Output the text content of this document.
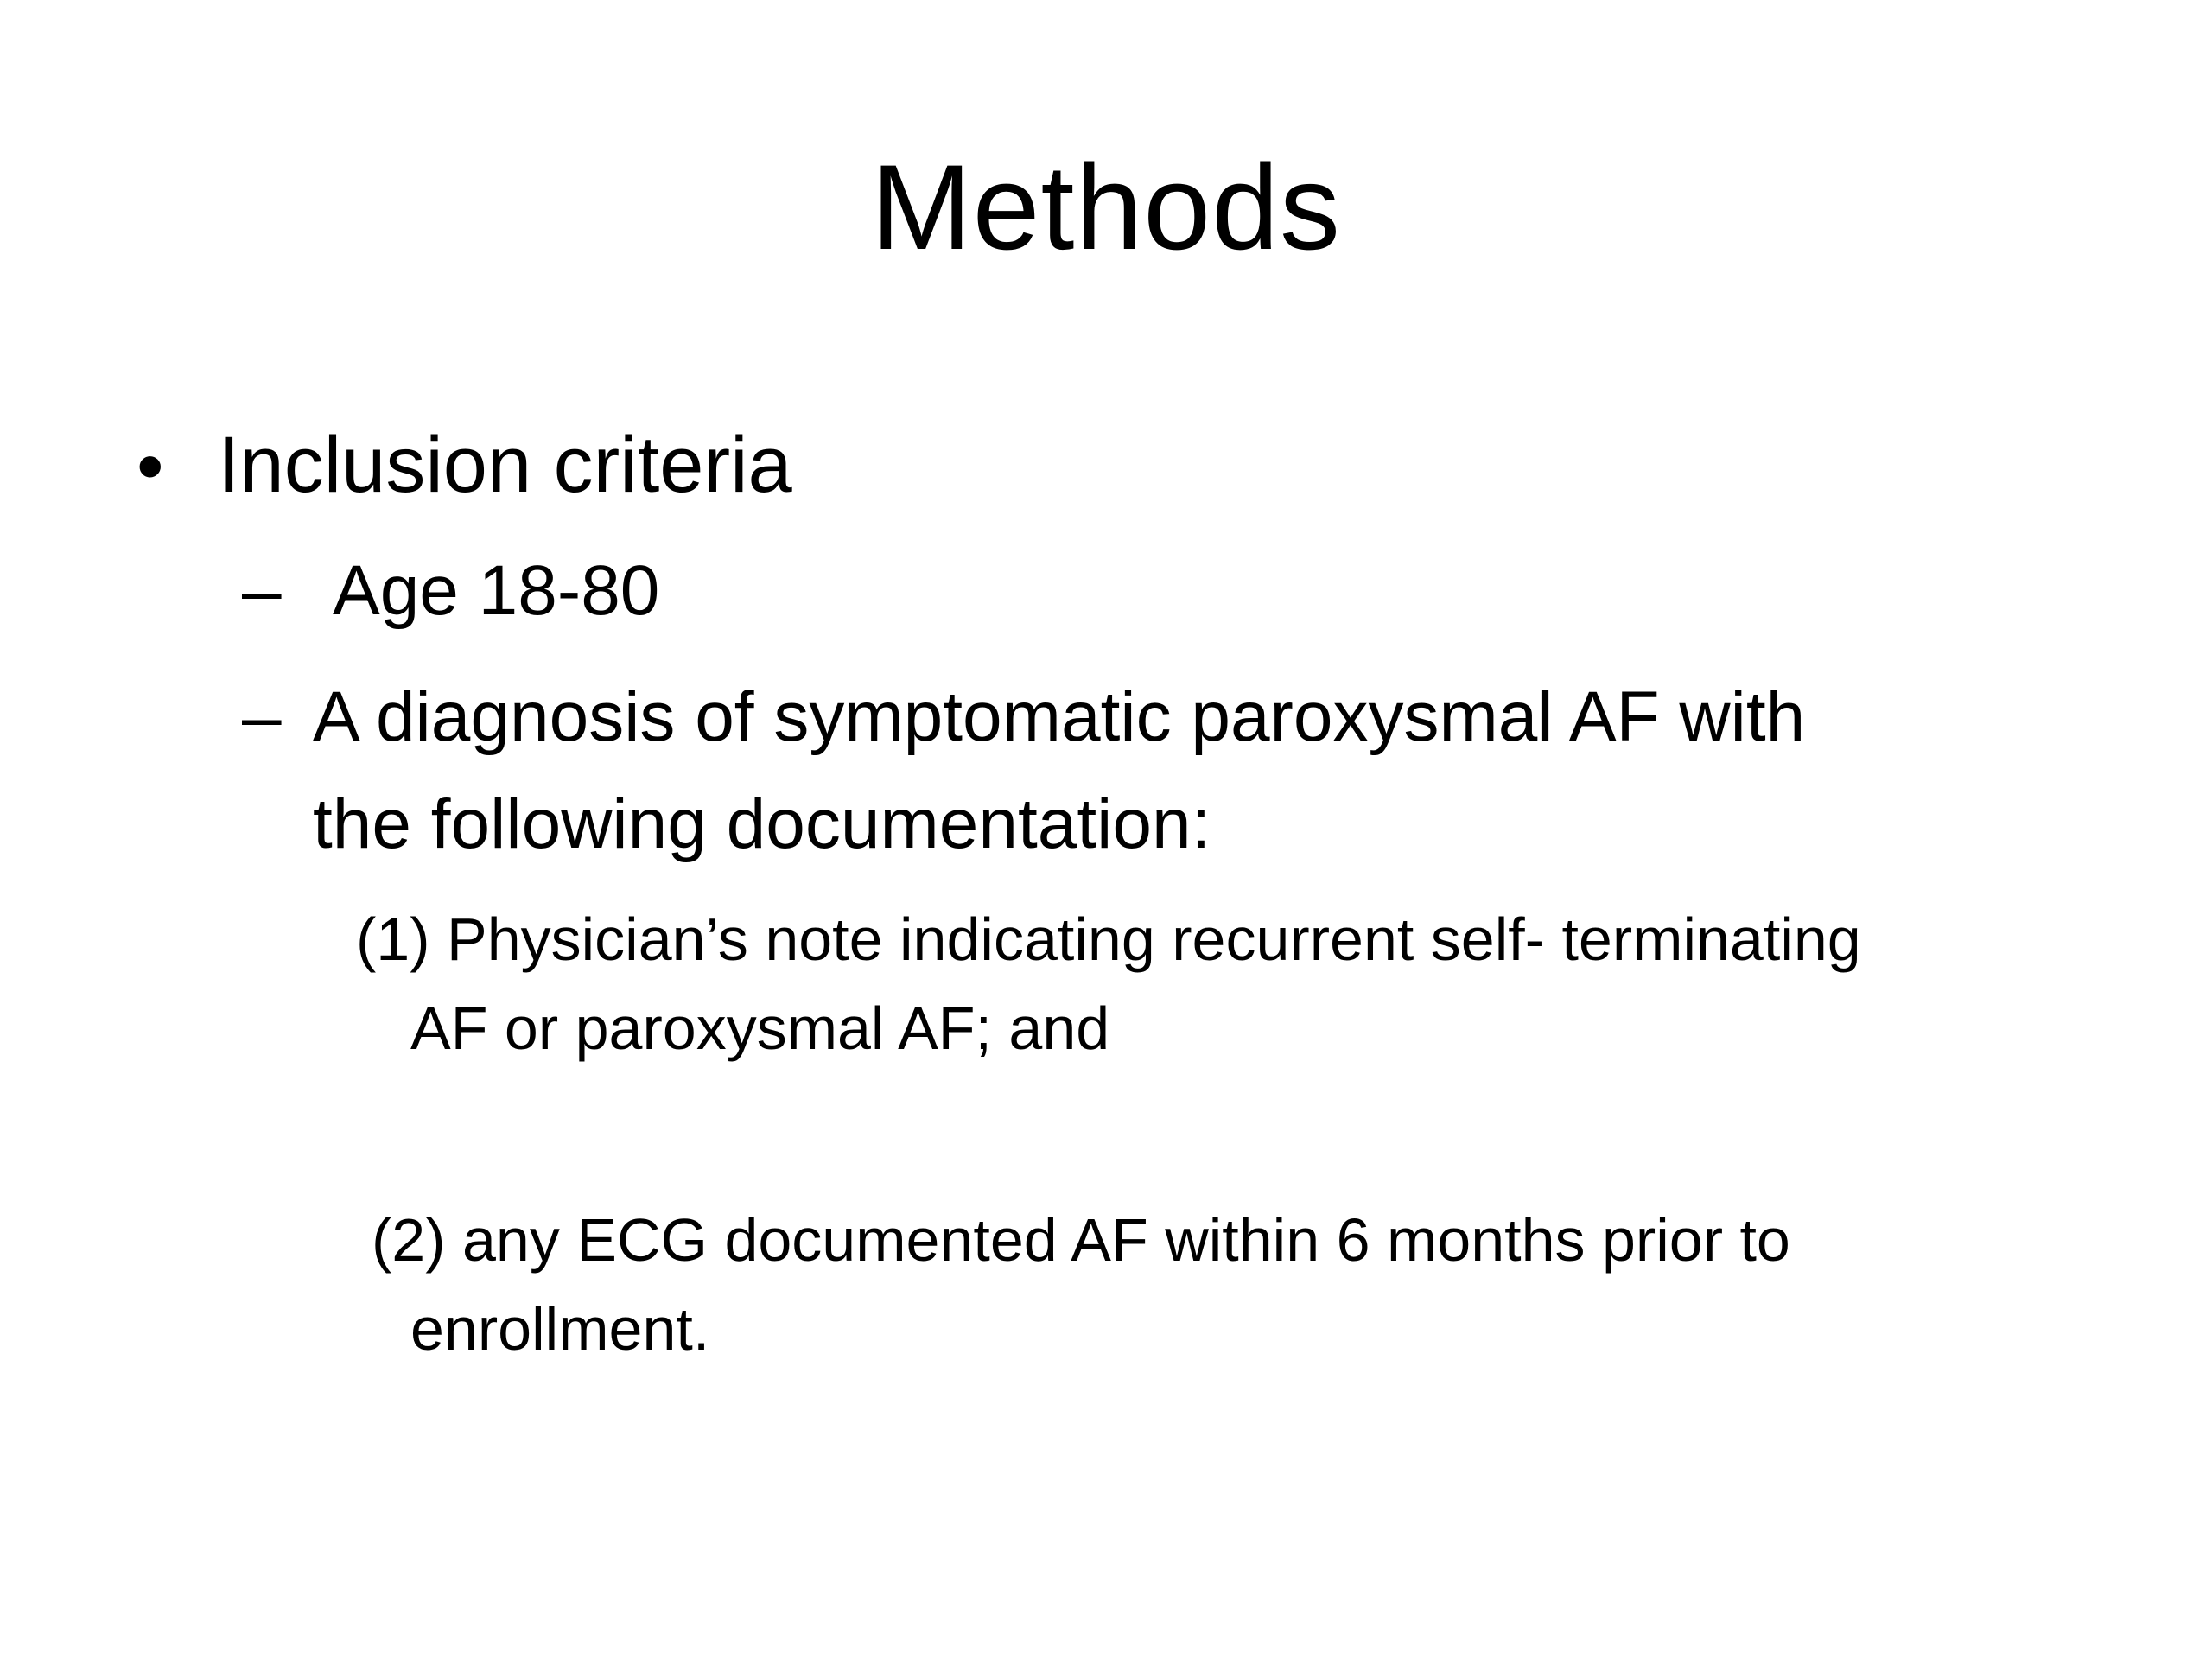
Methods
• Inclusion criteria

– Age 18-80

– A diagnosis of symptomatic paroxysmal AF with

the following documentation:

(1) Physician’s note indicating recurrent self- terminating

AF or paroxysmal AF; and

(2) any ECG documented AF within 6 months prior to

enrollment.
